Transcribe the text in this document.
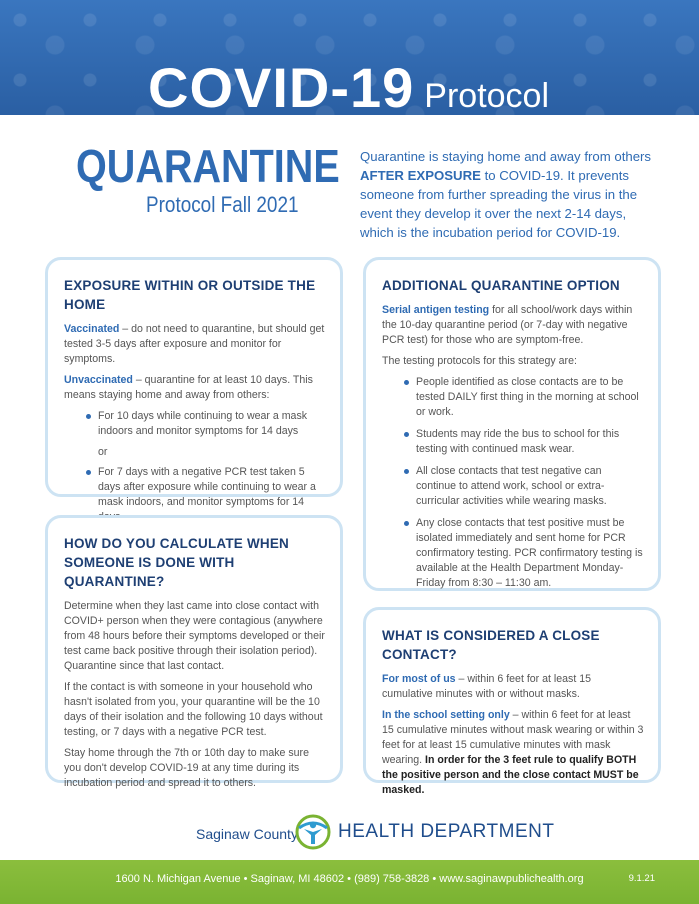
COVID-19 Protocol
QUARANTINE
Protocol Fall 2021
Quarantine is staying home and away from others AFTER EXPOSURE to COVID-19. It prevents someone from further spreading the virus in the event they develop it over the next 2-14 days, which is the incubation period for COVID-19.
EXPOSURE WITHIN OR OUTSIDE THE HOME

Vaccinated – do not need to quarantine, but should get tested 3-5 days after exposure and monitor for symptoms.

Unvaccinated – quarantine for at least 10 days. This means staying home and away from others:

For 10 days while continuing to wear a mask indoors and monitor symptoms for 14 days
or
For 7 days with a negative PCR test taken 5 days after exposure while continuing to wear a mask indoors, and monitor symptoms for 14
ADDITIONAL QUARANTINE OPTION

Serial antigen testing for all school/work days within the 10-day quarantine period (or 7-day with negative PCR test) for those who are symptom-free.

The testing protocols for this strategy are:

People identified as close contacts are to be tested DAILY first thing in the morning at school or work.
Students may ride the bus to school for this testing with continued mask wear.
All close contacts that test negative can continue to attend work, school or extra-curricular activities while wearing masks.
Any close contacts that test positive must be isolated immediately and sent home for PCR confirmatory testing. PCR confirmatory testing is available at the Health Department Monday-Friday from 8:30 – 11:30 am.
HOW DO YOU CALCULATE WHEN
SOMEONE IS DONE WITH QUARANTINE?

Determine when they last came into close contact with COVID+ person when they were contagious (anywhere from 48 hours before their symptoms developed or their test came back positive through their isolation period). Quarantine since that last contact.

If the contact is with someone in your household who hasn't isolated from you, your quarantine will be the 10 days of their isolation and the following 10 days without testing, or 7 days with a negative PCR test.

Stay home through the 7th or 10th day to make sure you don't develop COVID-19 at any time during its incubation period and spread it to others.

WHAT IS CONSIDERED A CLOSE CONTACT?

For most of us – within 6 feet for at least 15 cumulative minutes with or without masks.

In the school setting only – within 6 feet for at least 15 cumulative minutes without mask wearing or within 3 feet for at least 15 cumulative minutes with mask wearing. In order for the 3 feet rule to qualify BOTH the positive person and the close contact MUST be masked.

Saginaw County HEALTH DEPARTMENT
1600 N. Michigan Avenue • Saginaw, MI 48602 • (989) 758-3828 • www.saginawpublichealth.org	9.1.21
